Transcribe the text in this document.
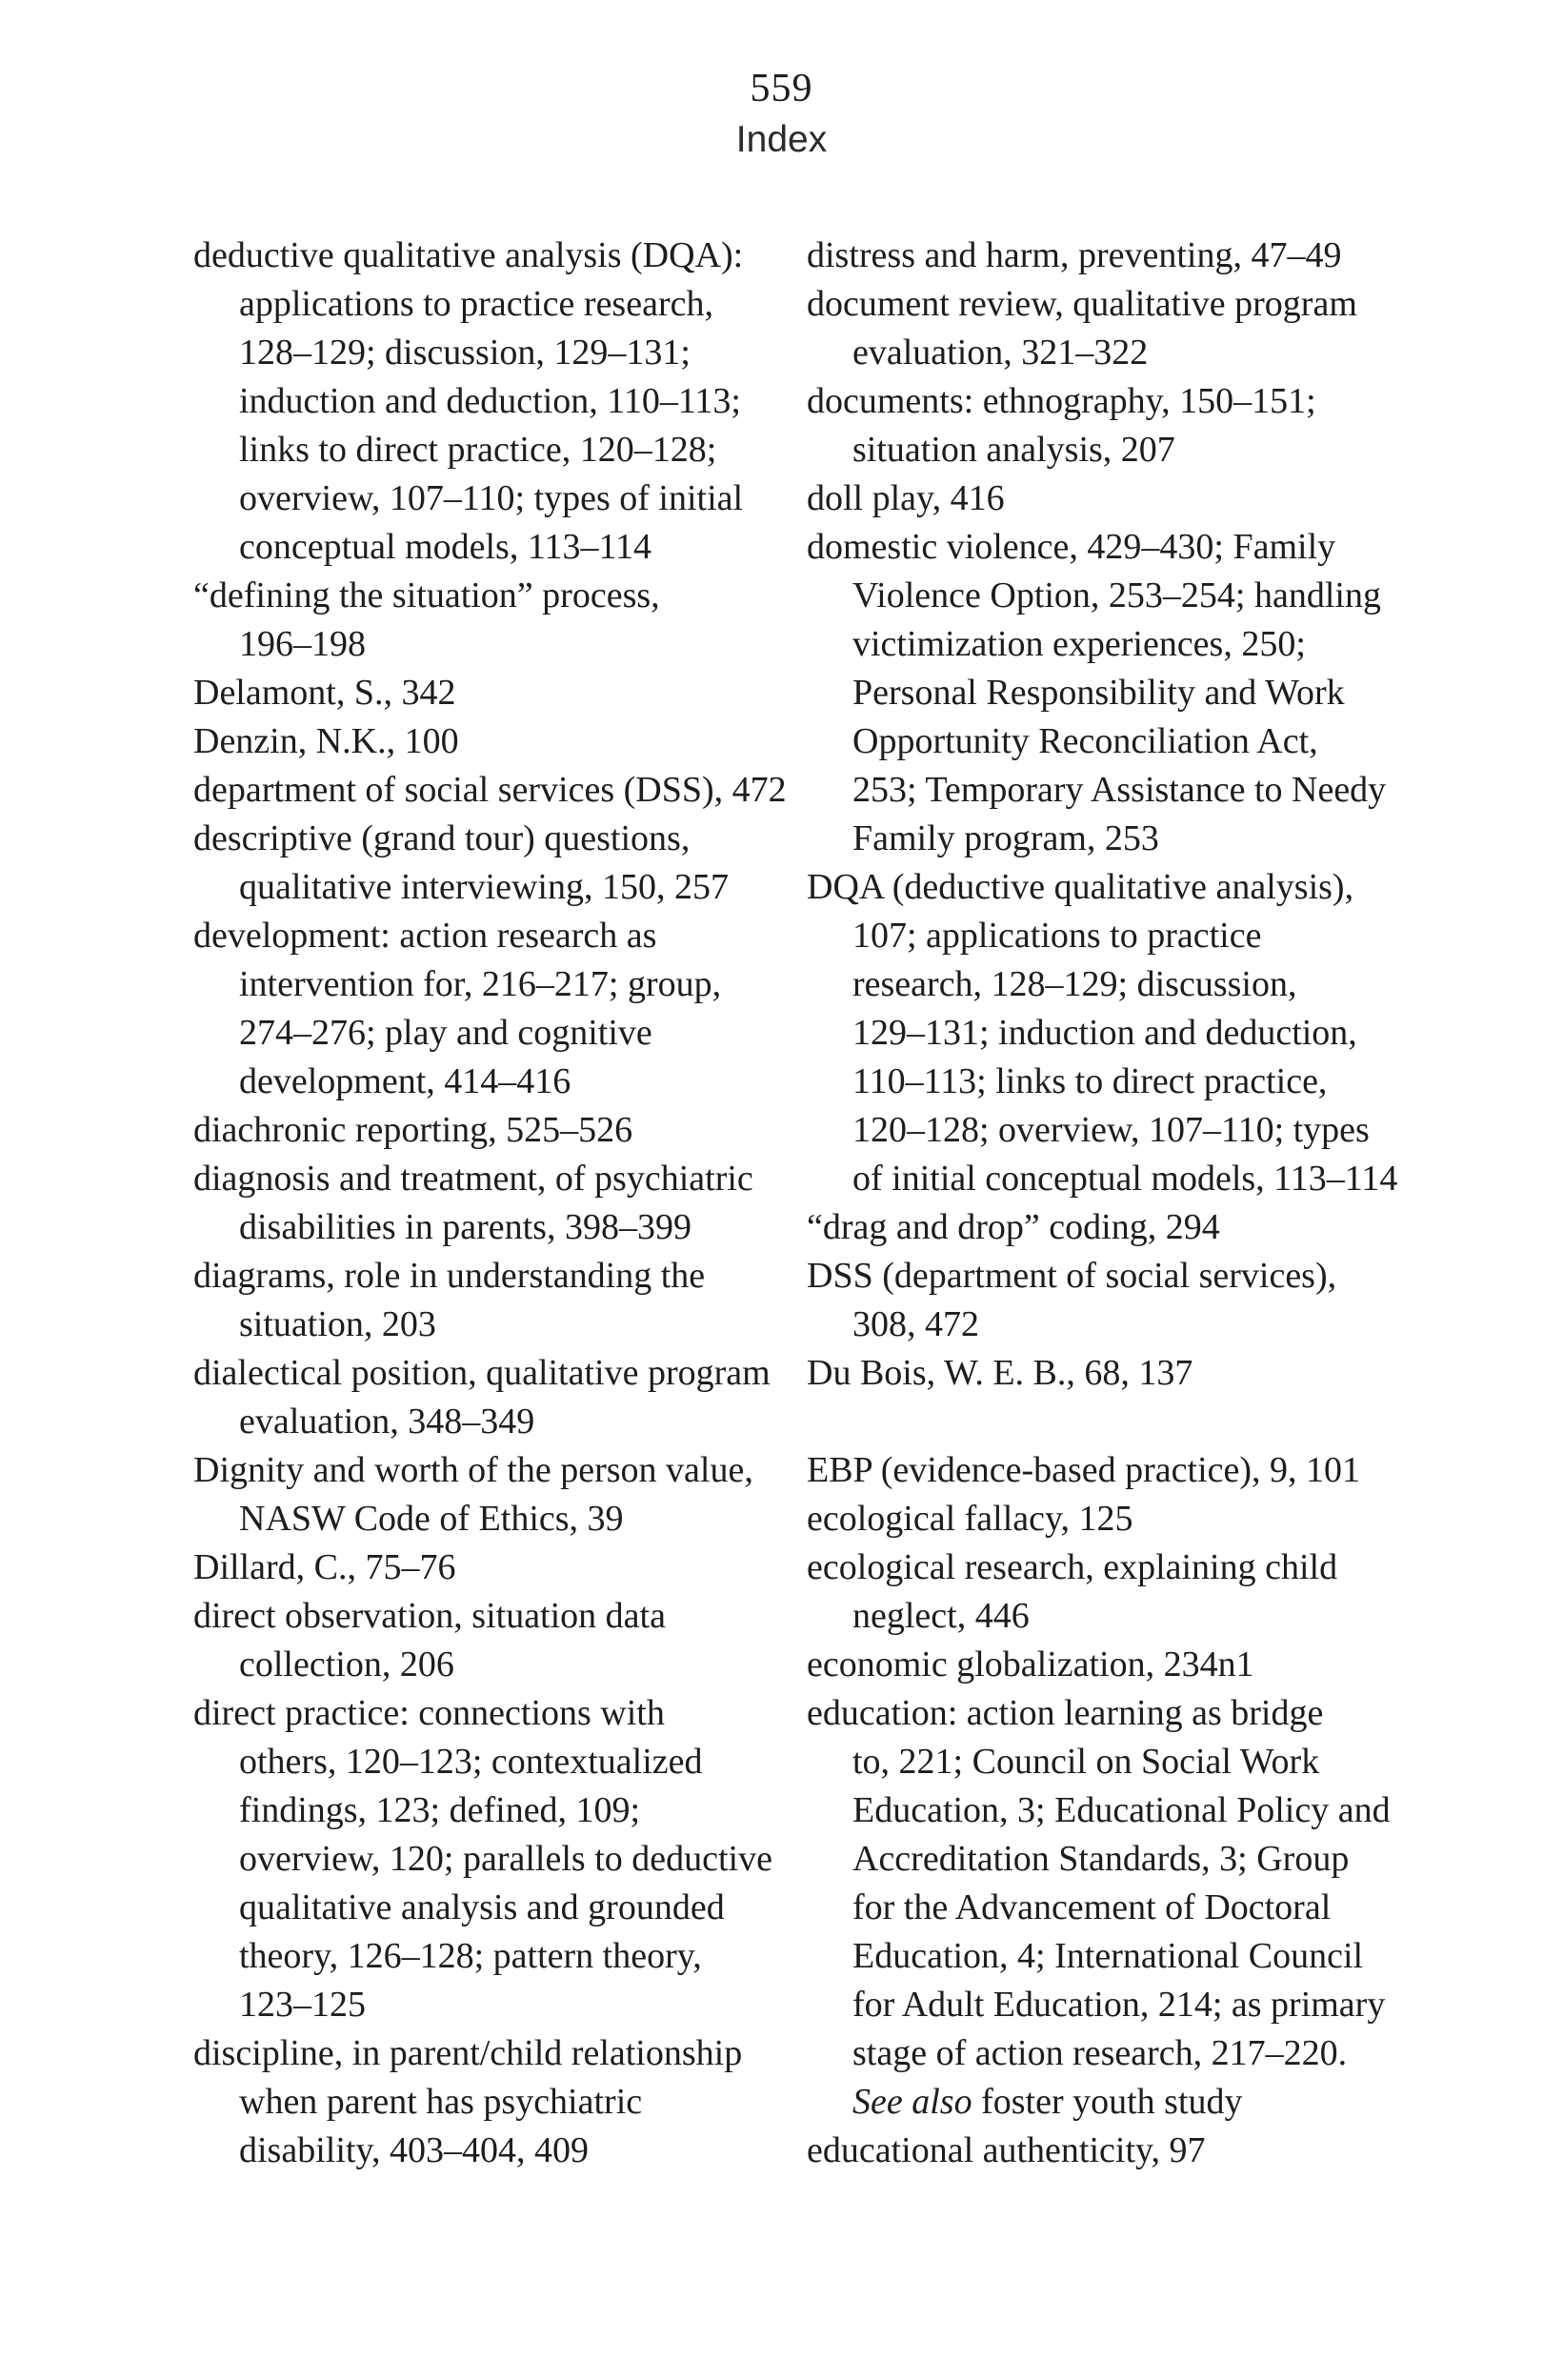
559
Index
deductive qualitative analysis (DQA):
applications to practice research,
128–129; discussion, 129–131;
induction and deduction, 110–113;
links to direct practice, 120–128;
overview, 107–110; types of initial
conceptual models, 113–114
“defining the situation” process,
196–198
Delamont, S., 342
Denzin, N.K., 100
department of social services (DSS), 472
descriptive (grand tour) questions,
qualitative interviewing, 150, 257
development: action research as
intervention for, 216–217; group,
274–276; play and cognitive
development, 414–416
diachronic reporting, 525–526
diagnosis and treatment, of psychiatric
disabilities in parents, 398–399
diagrams, role in understanding the
situation, 203
dialectical position, qualitative program
evaluation, 348–349
Dignity and worth of the person value,
NASW Code of Ethics, 39
Dillard, C., 75–76
direct observation, situation data
collection, 206
direct practice: connections with
others, 120–123; contextualized
findings, 123; defined, 109;
overview, 120; parallels to deductive
qualitative analysis and grounded
theory, 126–128; pattern theory,
123–125
discipline, in parent/child relationship
when parent has psychiatric
disability, 403–404, 409
distress and harm, preventing, 47–49
document review, qualitative program
evaluation, 321–322
documents: ethnography, 150–151;
situation analysis, 207
doll play, 416
domestic violence, 429–430; Family
Violence Option, 253–254; handling
victimization experiences, 250;
Personal Responsibility and Work
Opportunity Reconciliation Act,
253; Temporary Assistance to Needy
Family program, 253
DQA (deductive qualitative analysis),
107; applications to practice
research, 128–129; discussion,
129–131; induction and deduction,
110–113; links to direct practice,
120–128; overview, 107–110; types
of initial conceptual models, 113–114
“drag and drop” coding, 294
DSS (department of social services),
308, 472
Du Bois, W. E. B., 68, 137
EBP (evidence-based practice), 9, 101
ecological fallacy, 125
ecological research, explaining child
neglect, 446
economic globalization, 234n1
education: action learning as bridge
to, 221; Council on Social Work
Education, 3; Educational Policy and
Accreditation Standards, 3; Group
for the Advancement of Doctoral
Education, 4; International Council
for Adult Education, 214; as primary
stage of action research, 217–220.
See also foster youth study
educational authenticity, 97
